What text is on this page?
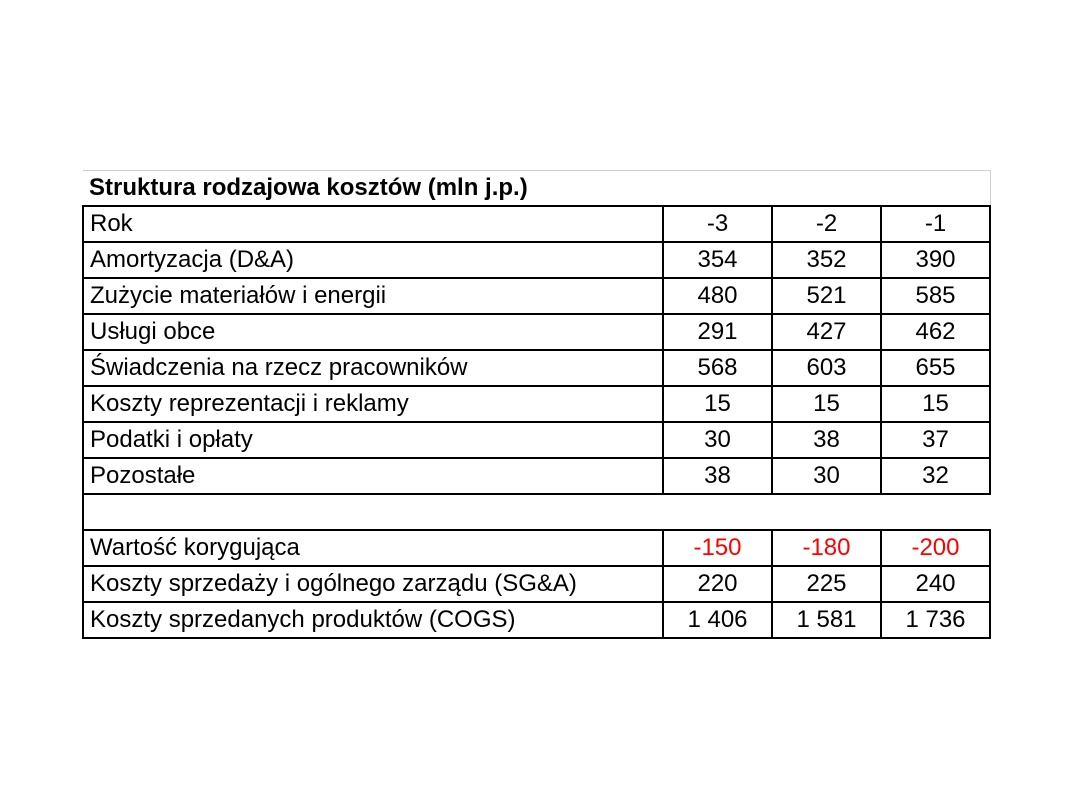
Struktura rodzajowa kosztów (mln j.p.)			
Rok	-3	-2	-1
Amortyzacja (D&A)	354	352	390
Zużycie materiałów i energii	480	521	585
Usługi obce	291	427	462
Świadczenia na rzecz pracowników	568	603	655
Koszty reprezentacji i reklamy	15	15	15
Podatki i opłaty	30	38	37
Pozostałe	38	30	32

Wartość korygująca	-150	-180	-200
Koszty sprzedaży i ogólnego zarządu (SG&A)	220	225	240
Koszty sprzedanych produktów (COGS)	1 406	1 581	1 736
